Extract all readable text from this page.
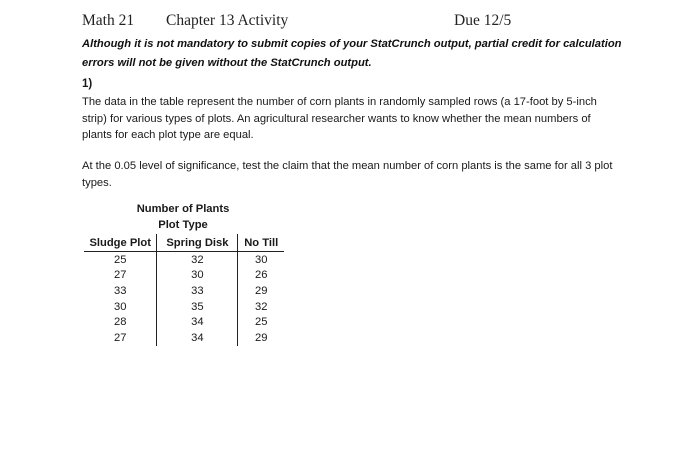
Math 21 Chapter 13 Activity	Due 12/5
Although it is not mandatory to submit copies of your StatCrunch output, partial credit for calculation errors will not be given without the StatCrunch output.
1)
The data in the table represent the number of corn plants in randomly sampled rows (a 17-foot by 5-inch strip) for various types of plots. An agricultural researcher wants to know whether the mean numbers of plants for each plot type are equal.
At the 0.05 level of significance, test the claim that the mean number of corn plants is the same for all 3 plot types.
Number of Plants
Plot Type
Sludge Plot	Spring Disk	No Till
25	32	30
27	30	26
33	33	29
30	35	32
28	34	25
27	34	29
